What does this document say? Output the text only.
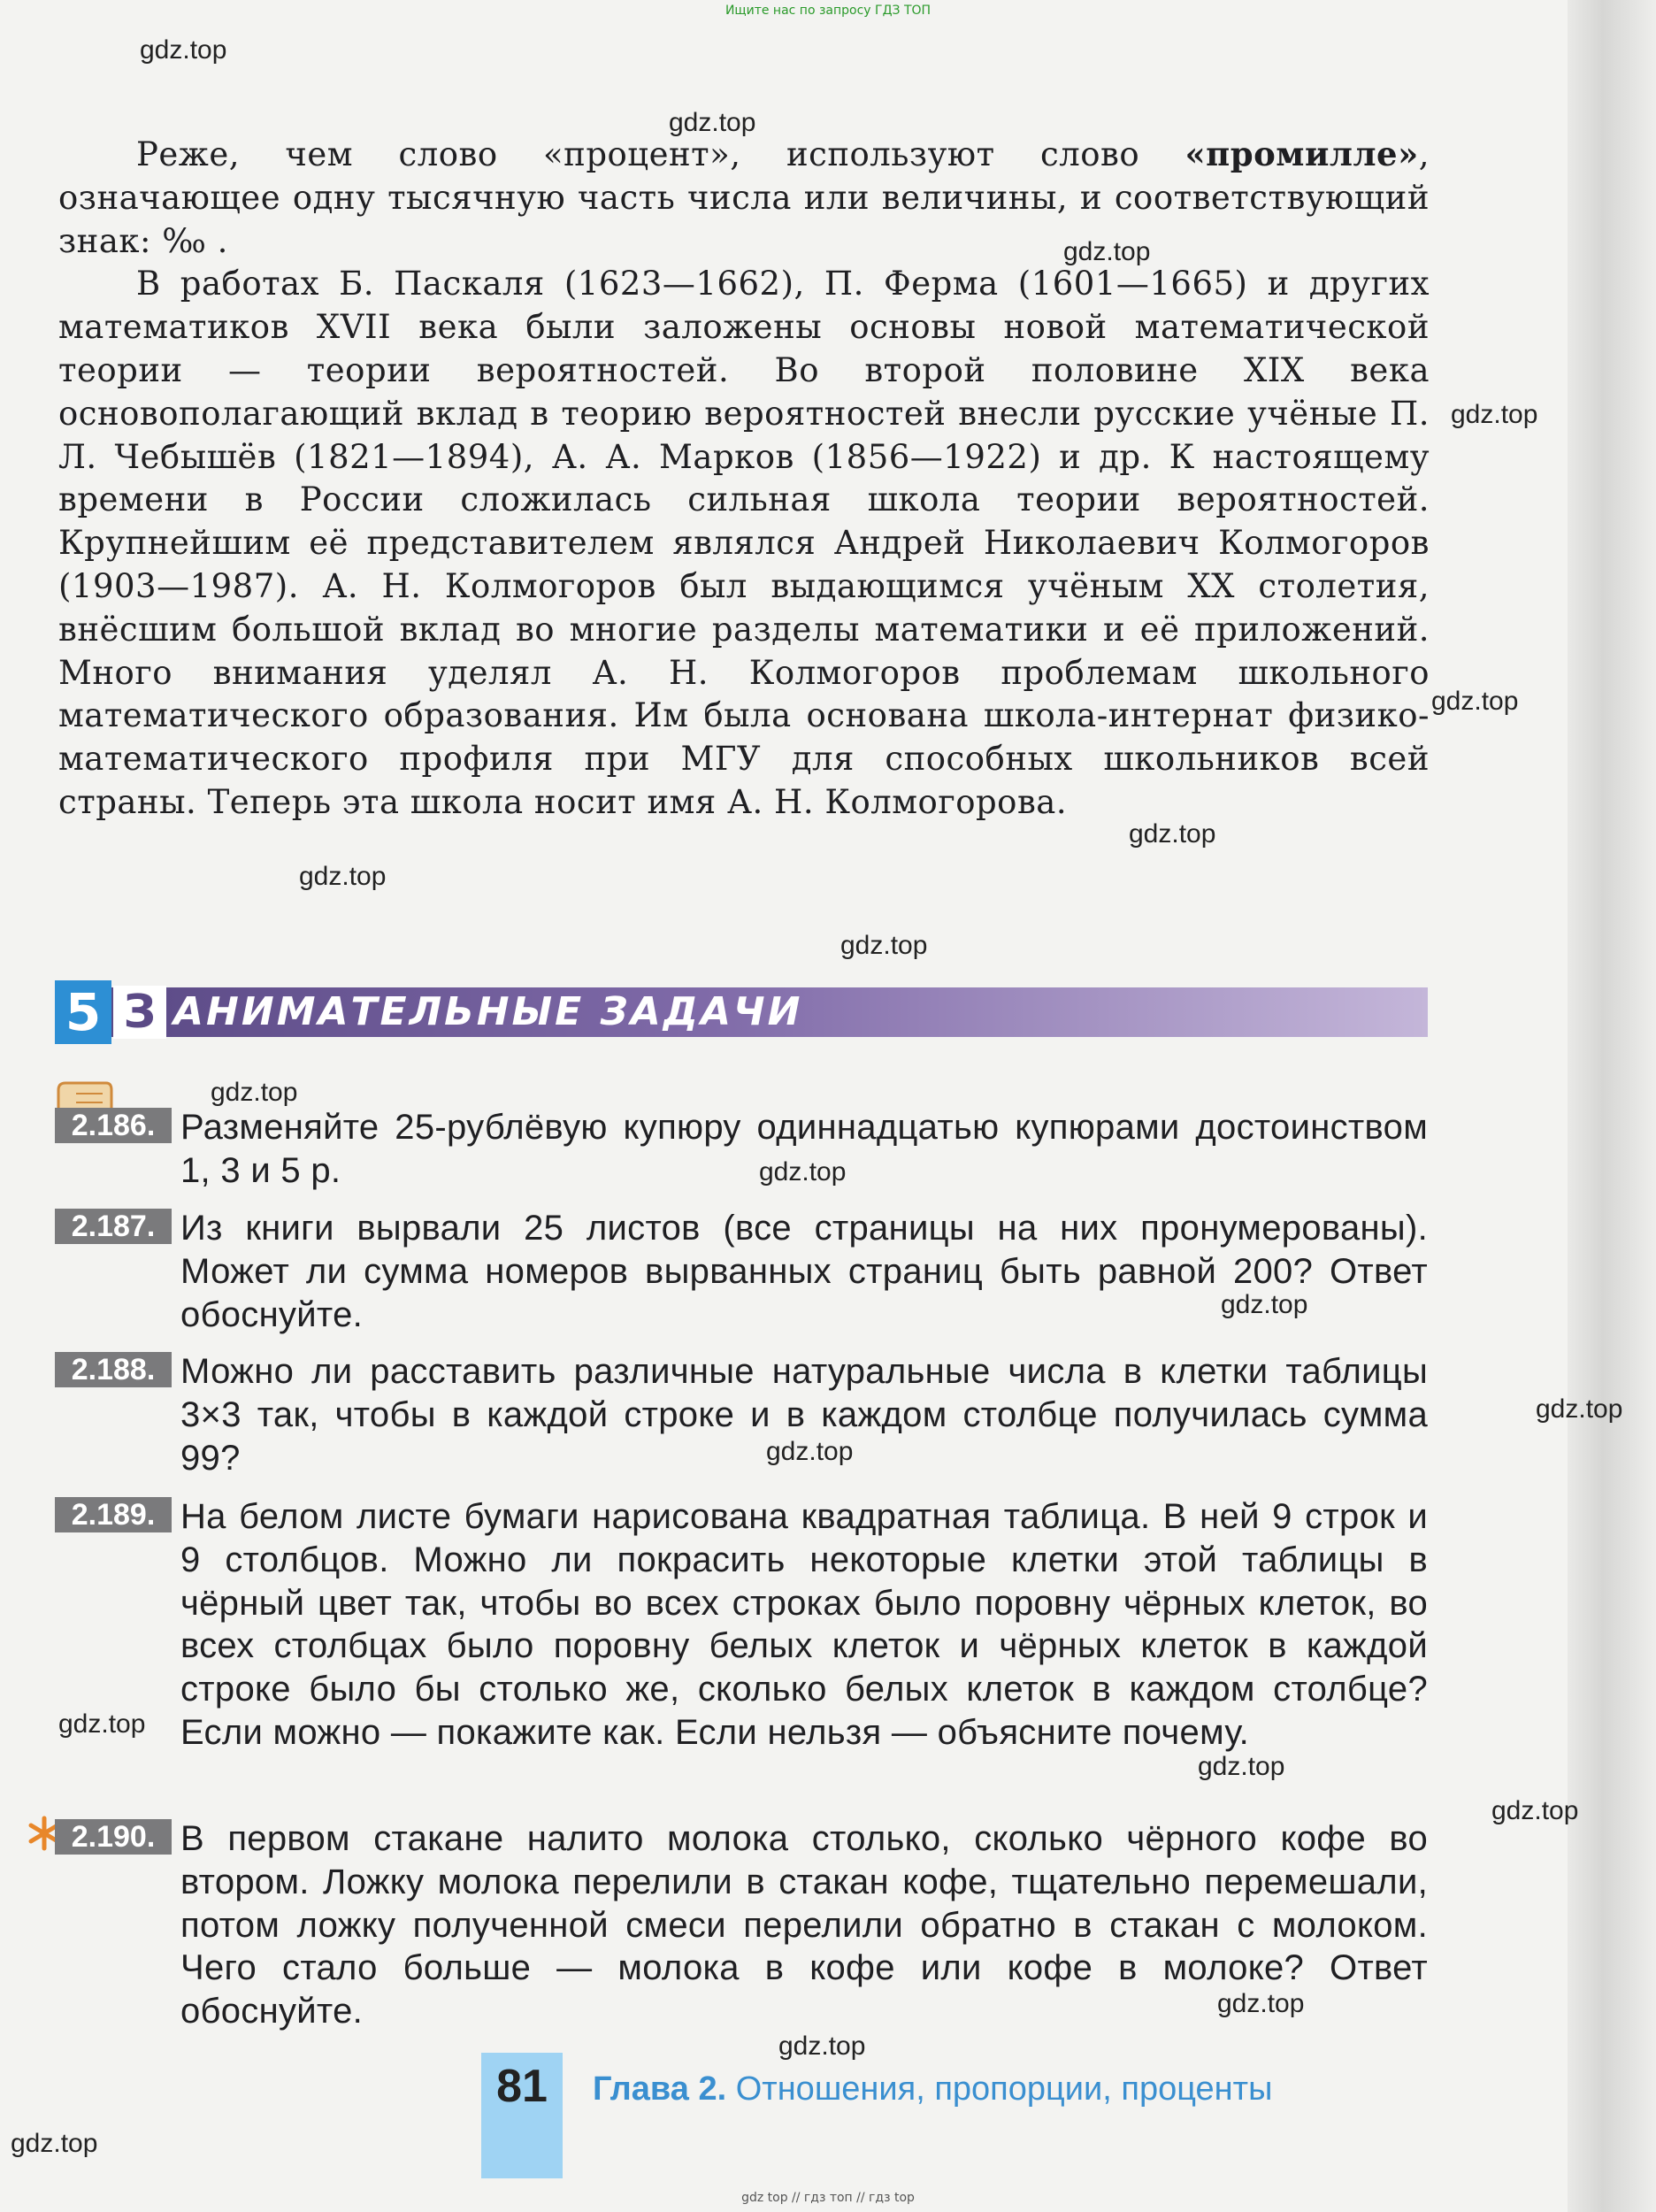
Ищите нас по запросу ГДЗ ТОП
gdz.top
gdz.top
gdz.top
gdz.top
gdz.top
gdz.top
gdz.top
gdz.top
gdz.top
gdz.top
gdz.top
gdz.top
gdz.top
gdz.top
gdz.top
gdz.top
gdz.top
gdz.top
gdz.top

Реже, чем слово «процент», используют слово «промилле», означающее одну тысячную часть числа или величины, и соответствующий знак: ‰ .

В работах Б. Паскаля (1623—1662), П. Ферма (1601—1665) и других математиков XVII века были заложены основы новой математической теории — теории вероятностей. Во второй половине XIX века основополагающий вклад в теорию вероятностей внесли русские учёные П. Л. Чебышёв (1821—1894), А. А. Марков (1856—1922) и др. К настоящему времени в России сложилась сильная школа теории вероятностей. Крупнейшим её представителем являлся Андрей Николаевич Колмогоров (1903—1987). А. Н. Колмогоров был выдающимся учёным XX столетия, внёсшим большой вклад во многие разделы математики и её приложений. Много внимания уделял А. Н. Колмогоров проблемам школьного математического образования. Им была основана школа-интернат физико-математического профиля при МГУ для способных школьников всей страны. Теперь эта школа носит имя А. Н. Колмогорова.

5 З АНИМАТЕЛЬНЫЕ ЗАДАЧИ
2.186. Разменяйте 25-рублёвую купюру одиннадцатью купюрами достоинством 1, 3 и 5 р.

2.187. Из книги вырвали 25 листов (все страницы на них пронумерованы). Может ли сумма номеров вырванных страниц быть равной 200? Ответ обоснуйте.

2.188. Можно ли расставить различные натуральные числа в клетки таблицы 3×3 так, чтобы в каждой строке и в каждом столбце получилась сумма 99?

2.189. На белом листе бумаги нарисована квадратная таблица. В ней 9 строк и 9 столбцов. Можно ли покрасить некоторые клетки этой таблицы в чёрный цвет так, чтобы во всех строках было поровну чёрных клеток, во всех столбцах было поровну белых клеток и чёрных клеток в каждой строке было бы столько же, сколько белых клеток в каждом столбце? Если можно — покажите как. Если нельзя — объясните почему.

2.190. В первом стакане налито молока столько, сколько чёрного кофе во втором. Ложку молока перелили в стакан кофе, тщательно перемешали, потом ложку полученной смеси перелили обратно в стакан с молоком. Чего стало больше — молока в кофе или кофе в молоке? Ответ обоснуйте.

81	Глава 2. Отношения, пропорции, проценты
gdz top // гдз топ // гдз top
